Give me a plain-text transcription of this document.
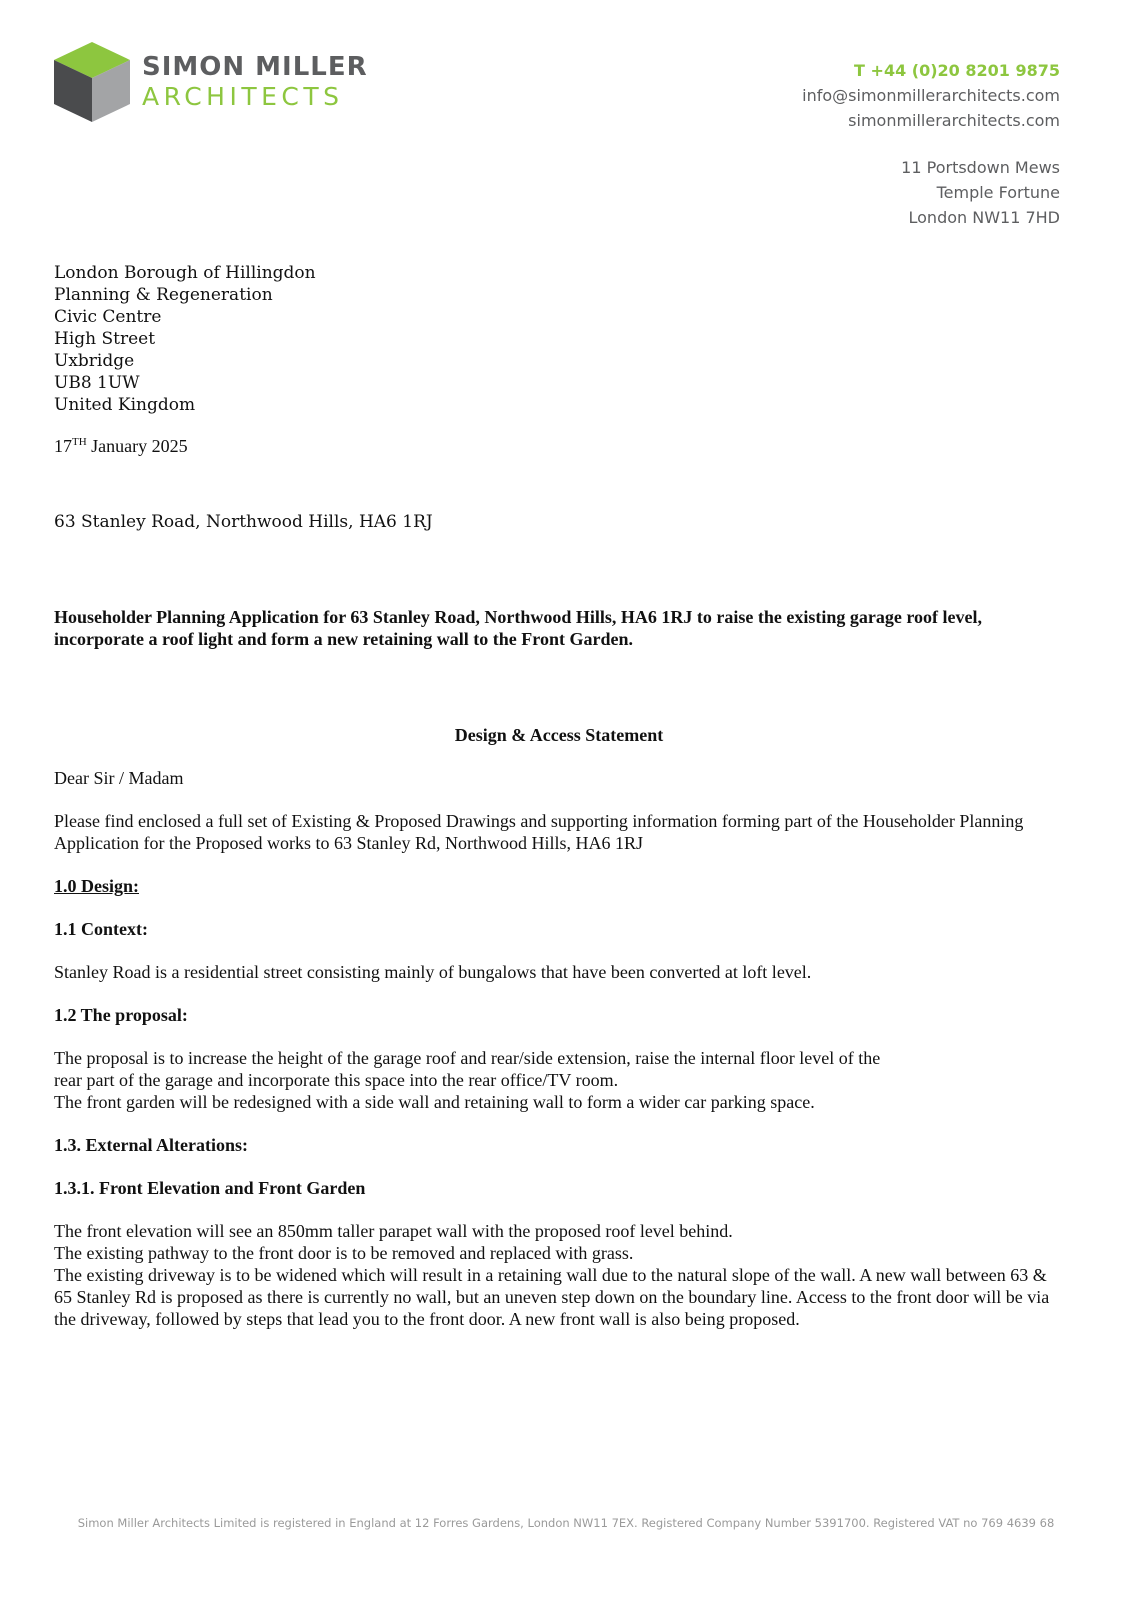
SIMON MILLER
ARCHITECTS
T +44 (0)20 8201 9875
info@simonmillerarchitects.com
simonmillerarchitects.com
11 Portsdown Mews
Temple Fortune
London NW11 7HD
London Borough of Hillingdon
Planning & Regeneration
Civic Centre
High Street
Uxbridge
UB8 1UW
United Kingdom
17TH January 2025
63 Stanley Road, Northwood Hills, HA6 1RJ
Householder Planning Application for 63 Stanley Road, Northwood Hills, HA6 1RJ to raise the existing garage roof level, incorporate a roof light and form a new retaining wall to the Front Garden.

Design & Access Statement

Dear Sir / Madam

Please find enclosed a full set of Existing & Proposed Drawings and supporting information forming part of the Householder Planning Application for the Proposed works to 63 Stanley Rd, Northwood Hills, HA6 1RJ

1.0 Design:

1.1 Context:

Stanley Road is a residential street consisting mainly of bungalows that have been converted at loft level.

1.2 The proposal:

The proposal is to increase the height of the garage roof and rear/side extension, raise the internal floor level of the

rear part of the garage and incorporate this space into the rear office/TV room.

The front garden will be redesigned with a side wall and retaining wall to form a wider car parking space.

1.3. External Alterations:

1.3.1. Front Elevation and Front Garden

The front elevation will see an 850mm taller parapet wall with the proposed roof level behind.

The existing pathway to the front door is to be removed and replaced with grass.

The existing driveway is to be widened which will result in a retaining wall due to the natural slope of the wall. A new wall between 63 & 65 Stanley Rd is proposed as there is currently no wall, but an uneven step down on the boundary line. Access to the front door will be via the driveway, followed by steps that lead you to the front door. A new front wall is also being proposed.

Simon Miller Architects Limited is registered in England at 12 Forres Gardens, London NW11 7EX. Registered Company Number 5391700. Registered VAT no 769 4639 68
